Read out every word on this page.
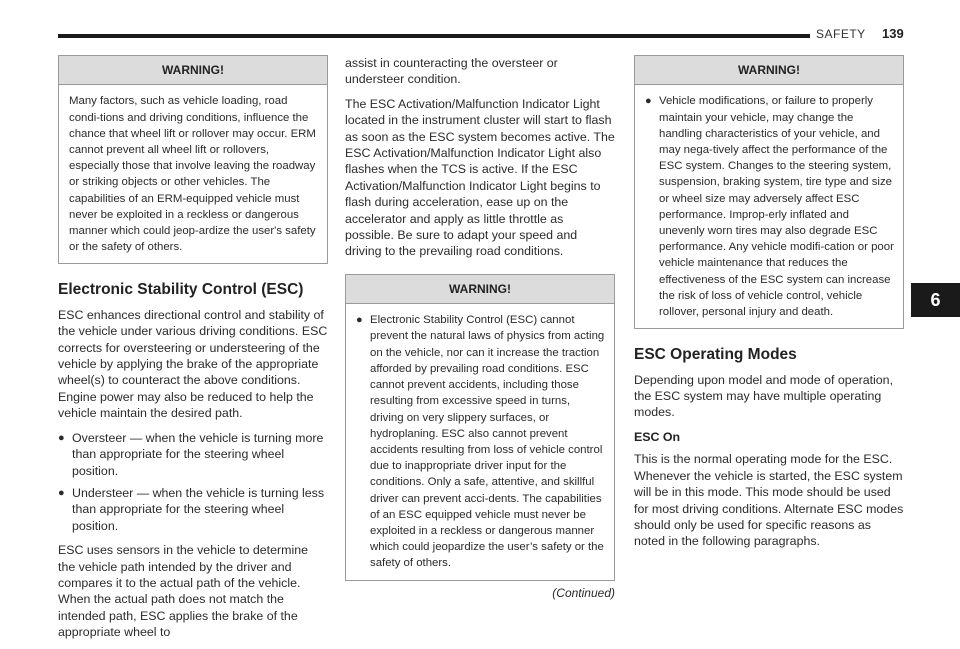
SAFETY 139
6
WARNING!
Many factors, such as vehicle loading, road condi-tions and driving conditions, influence the chance that wheel lift or rollover may occur. ERM cannot prevent all wheel lift or rollovers, especially those that involve leaving the roadway or striking objects or other vehicles. The capabilities of an ERM-equipped vehicle must never be exploited in a reckless or dangerous manner which could jeop-ardize the user's safety or the safety of others.
Electronic Stability Control (ESC)

ESC enhances directional control and stability of the vehicle under various driving conditions. ESC corrects for oversteering or understeering of the vehicle by applying the brake of the appropriate wheel(s) to counteract the above conditions. Engine power may also be reduced to help the vehicle maintain the desired path.

● Oversteer — when the vehicle is turning more than appropriate for the steering wheel position.
● Understeer — when the vehicle is turning less than appropriate for the steering wheel position.

ESC uses sensors in the vehicle to determine the vehicle path intended by the driver and compares it to the actual path of the vehicle. When the actual path does not match the intended path, ESC applies the brake of the appropriate wheel to

assist in counteracting the oversteer or understeer condition.

The ESC Activation/Malfunction Indicator Light located in the instrument cluster will start to flash as soon as the ESC system becomes active. The ESC Activation/Malfunction Indicator Light also flashes when the TCS is active. If the ESC Activation/Malfunction Indicator Light begins to flash during acceleration, ease up on the accelerator and apply as little throttle as possible. Be sure to adapt your speed and driving to the prevailing road conditions.

WARNING!
● Electronic Stability Control (ESC) cannot prevent the natural laws of physics from acting on the vehicle, nor can it increase the traction afforded by prevailing road conditions. ESC cannot prevent accidents, including those resulting from excessive speed in turns, driving on very slippery surfaces, or hydroplaning. ESC also cannot prevent accidents resulting from loss of vehicle control due to inappropriate driver input for the conditions. Only a safe, attentive, and skillful driver can prevent acci-dents. The capabilities of an ESC equipped vehicle must never be exploited in a reckless or dangerous manner which could jeopardize the user’s safety or the safety of others.
(Continued)
WARNING!
● Vehicle modifications, or failure to properly maintain your vehicle, may change the handling characteristics of your vehicle, and may nega-tively affect the performance of the ESC system. Changes to the steering system, suspension, braking system, tire type and size or wheel size may adversely affect ESC performance. Improp-erly inflated and unevenly worn tires may also degrade ESC performance. Any vehicle modifi-cation or poor vehicle maintenance that reduces the effectiveness of the ESC system can increase the risk of loss of vehicle control, vehicle rollover, personal injury and death.
ESC Operating Modes

Depending upon model and mode of operation, the ESC system may have multiple operating modes.

ESC On

This is the normal operating mode for the ESC. Whenever the vehicle is started, the ESC system will be in this mode. This mode should be used for most driving conditions. Alternate ESC modes should only be used for specific reasons as noted in the following paragraphs.
